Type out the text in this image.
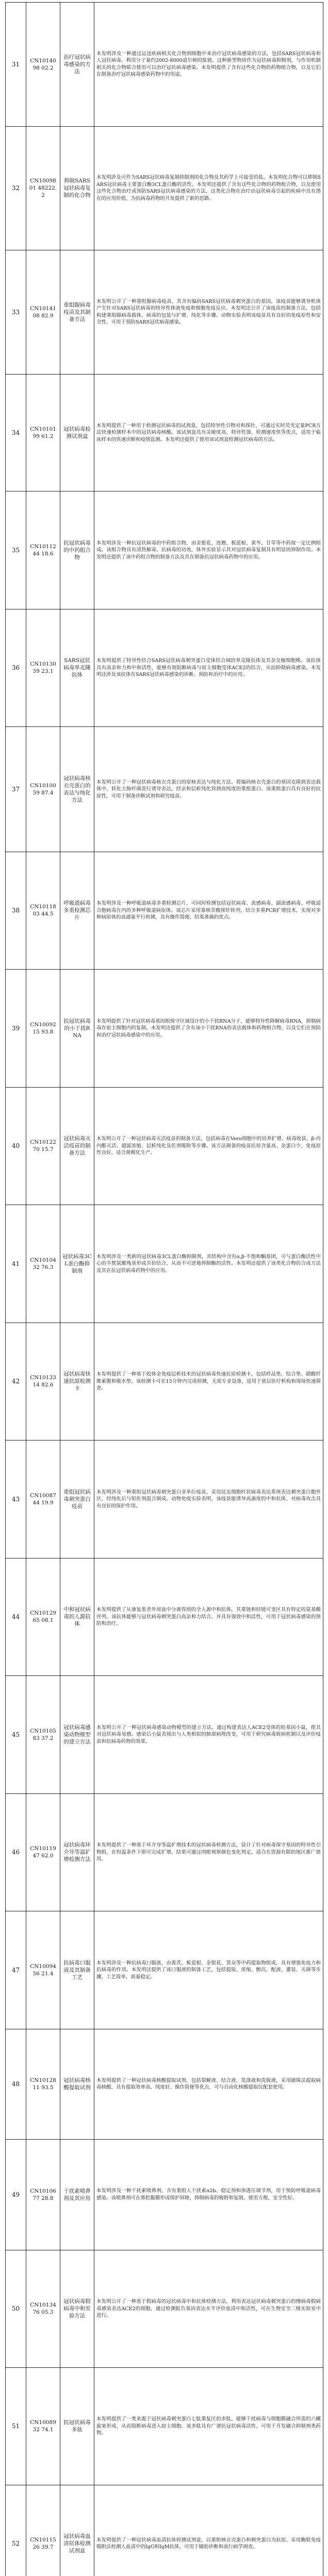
31	CN1014098 02.2	治疗冠状病毒感染的方法	本发明涉及一种通过运送疾病相关化合物到细胞中来治疗冠状病毒感染的方法，包括SARS冠状病毒和人冠状病毒。利用分子量约2002-8000道尔顿的肽链，这种新型物质作为冠状病毒抑制剂，与作用机制相关的化合物联合使用可以治疗冠状病毒感染。本发明提供了含有这些化合物的药物组合物，以及它们在制备治疗冠状病毒感染药物中的用途。
32	CN1009801 48222.2	抑制SARS冠状病毒复制的化合物	本发明涉及可作为SARS冠状病毒复制抑制剂的化合物及其药学上可接受的盐。本发明化合物可以抑制SARS冠状病毒主要蛋白酶3CL蛋白酶的活性。本发明还提供了含有这些化合物的药物组合物，以及使用这些化合物治疗或预防SARS冠状病毒感染的方法，这类化合物在治疗由冠状病毒引起的疾病中具有潜在的应用价值，为抗病毒药物的开发提供了新的思路。
33	CN1014108 82.9	重组腺病毒疫苗及其制备方法	本发明公开了一种重组腺病毒疫苗，其含有编码SARS冠状病毒刺突蛋白的基因。该疫苗能够诱导机体产生针对SARS冠状病毒的特异性体液免疫和细胞免疫反应。本发明还公开了该疫苗的制备方法，包括构建重组腺病毒载体、病毒的包装与扩增、纯化等步骤。动物实验表明该疫苗具有良好的免疫原性和安全性，可用于预防SARS冠状病毒感染。
34	CN1010199 61.2	冠状病毒检测试剂盒	本发明提供了一种用于检测冠状病毒的试剂盒，包括特异性引物对和探针，可通过实时荧光定量PCR方法快速检测样本中的冠状病毒核酸。该试剂盒具有灵敏度高、特异性强、检测速度快等优点，适用于临床样本的快速诊断和疫情监测。本发明还提供了使用该试剂盒检测冠状病毒的方法。
35	CN1011244 18.6	抗冠状病毒的中药组合物	本发明涉及一种抗冠状病毒的中药组合物，由金银花、连翘、板蓝根、黄芩、甘草等中药按一定比例组成。该组合物具有清热解毒、抗病毒的功效，体外实验显示其对冠状病毒复制具有明显的抑制作用。本发明还提供了该中药组合物的制备方法及其在制备抗冠状病毒药物中的应用。
36	CN1013059 23.1	SARS冠状病毒单克隆抗体	本发明提供了特异性结合SARS冠状病毒刺突蛋白受体结合域的单克隆抗体及其杂交瘤细胞株。该抗体具有高亲和力和中和活性，能够有效阻断病毒与宿主细胞受体ACE2的结合，从而抑制病毒感染。本发明还涉及该抗体在SARS冠状病毒感染的诊断、预防和治疗中的应用。
37	CN1010059 87.4	冠状病毒核衣壳蛋白的表达与纯化方法	本发明公开了一种冠状病毒核衣壳蛋白的原核表达与纯化方法。将编码核衣壳蛋白的基因克隆到表达载体中，转化大肠杆菌进行诱导表达，经亲和层析纯化得到高纯度的重组蛋白。该重组蛋白具有良好的抗原性，可用于制备诊断试剂和研究疫苗。
38	CN1011803 44.5	呼吸道病毒多重检测芯片	本发明涉及一种呼吸道病毒多重检测芯片，可同时检测包括冠状病毒、流感病毒、副流感病毒、呼吸道合胞病毒在内的多种呼吸道病原体。该芯片采用寡核苷酸探针阵列，结合多重PCR扩增技术，实现对多种病原体的高通量平行检测，具有操作简便、结果准确的优点。
39	CN1009215 93.8	抗冠状病毒的小干扰RNA	本发明提供了针对冠状病毒基因组保守区域设计的小干扰RNA分子，能够特异性降解病毒RNA，抑制病毒在宿主细胞内的复制。本发明还提供了含有该小干扰RNA的表达载体和药物组合物，以及它们在预防和治疗冠状病毒感染中的应用。
40	CN1012270 15.7	冠状病毒灭活疫苗的制备方法	本发明公开了一种冠状病毒灭活疫苗的制备方法，包括病毒在Vero细胞中的培养扩增、病毒收获、β-丙内酯灭活、超滤浓缩、层析纯化及佐剂吸附等步骤。该方法制备的疫苗抗原含量高、杂蛋白少，免疫原性良好，适合规模化生产。
41	CN1010432 76.3	冠状病毒3CL蛋白酶抑制剂	本发明涉及一类新的冠状病毒3CL蛋白酶抑制剂，其结构中含有α,β-不饱和酮基团，可与蛋白酶活性中心的半胱氨酸残基形成共价结合，从而不可逆地抑制酶的活性。本发明还提供了该类化合物的合成方法及其在抗冠状病毒药物中的应用。
42	CN1013314 82.6	冠状病毒快速抗原检测卡	本发明提供了一种基于胶体金免疫层析技术的冠状病毒快速抗原检测卡，包括样品垫、结合垫、硝酸纤维素膜和吸水垫。该检测卡可在15分钟内完成检测，无需专业设备，适用于基层医疗机构和现场快速筛查。
43	CN1008744 19.9	重组冠状病毒刺突蛋白疫苗	本发明涉及一种重组冠状病毒刺突蛋白亚单位疫苗，采用昆虫细胞杆状病毒表达系统表达刺突蛋白胞外区，经纯化后与铝佐剂混合制成。动物免疫实验表明，该疫苗能诱导高滴度的中和抗体，对病毒攻击具有良好的保护作用。
44	CN1012965 08.1	中和冠状病毒的人源抗体	本发明提供了从康复患者外周血中分离得到的全人源中和抗体，其重链和轻链可变区具有特定的氨基酸序列。该抗体能够与冠状病毒刺突蛋白高亲和力结合，并具有强效中和活性，可用于冠状病毒感染的预防和治疗。
45	CN1010583 37.2	冠状病毒感染动物模型的建立方法	本发明公开了一种冠状病毒感染动物模型的建立方法，通过构建表达人ACE2受体的转基因小鼠，使其对冠状病毒易感。感染后小鼠表现出与人类相似的肺部病理改变，可用于研究病毒致病机制以及评价疫苗和抗病毒药物的效果。
46	CN1011947 62.0	冠状病毒环介导等温扩增检测方法	本发明提供了一种基于环介导等温扩增技术的冠状病毒检测方法，设计了针对病毒保守基因的特异性引物组，在恒温条件下即可完成扩增，结果可通过肉眼观察颜色变化判定，适合在资源有限的地区推广使用。
47	CN1009456 21.4	抗病毒口服液及其制备工艺	本发明涉及一种抗病毒口服液，由黄芪、板蓝根、金银花、贯众等中药提取物组成，具有增强免疫力和抗病毒的作用。本发明还提供了该口服液的制备工艺，包括提取、浓缩、醇沉、配液、灌装、灭菌等步骤，工艺简单，质量稳定。
48	CN1012811 93.5	冠状病毒核酸提取试剂	本发明提供了一种冠状病毒核酸提取试剂，包括裂解液、结合液、洗涤液和洗脱液，采用磁珠法提取病毒核酸，具有提取效率高、纯度好、操作简便等优点，可与自动化核酸提取仪配套使用。
49	CN1010677 28.8	干扰素喷鼻剂及其应用	本发明涉及一种干扰素喷鼻剂，含有重组人干扰素α2b、稳定剂和渗透压调节剂，用于预防呼吸道病毒感染。该喷鼻剂可在鼻腔黏膜形成保护屏障，抑制病毒的吸附和复制，使用方便，安全性好。
50	CN1013476 05.3	冠状病毒假病毒中和实验方法	本发明公开了一种基于假病毒的冠状病毒中和抗体检测方法，利用表达冠状病毒刺突蛋白的慢病毒假病毒感染表达ACE2的细胞，通过检测报告基因表达水平评价血清中和活性，可在生物安全二级实验室中进行。
51	CN1008932 74.1	抗冠状病毒多肽	本发明提供了一类来源于冠状病毒刺突蛋白七肽重复区的多肽，能够干扰病毒与细胞膜融合所需的六螺旋束形成，从而阻断病毒进入宿主细胞。该多肽具有广谱抗冠状病毒活性，可用于开发融合抑制剂类药物。
52	CN1011526 39.7	冠状病毒血清抗体检测试剂盒	本发明提供了一种冠状病毒血清抗体检测试剂盒，以重组核衣壳蛋白和刺突蛋白为抗原，采用酶联免疫吸附法检测人血清中的IgG和IgM抗体，可用于辅助诊断和流行病学调查。
